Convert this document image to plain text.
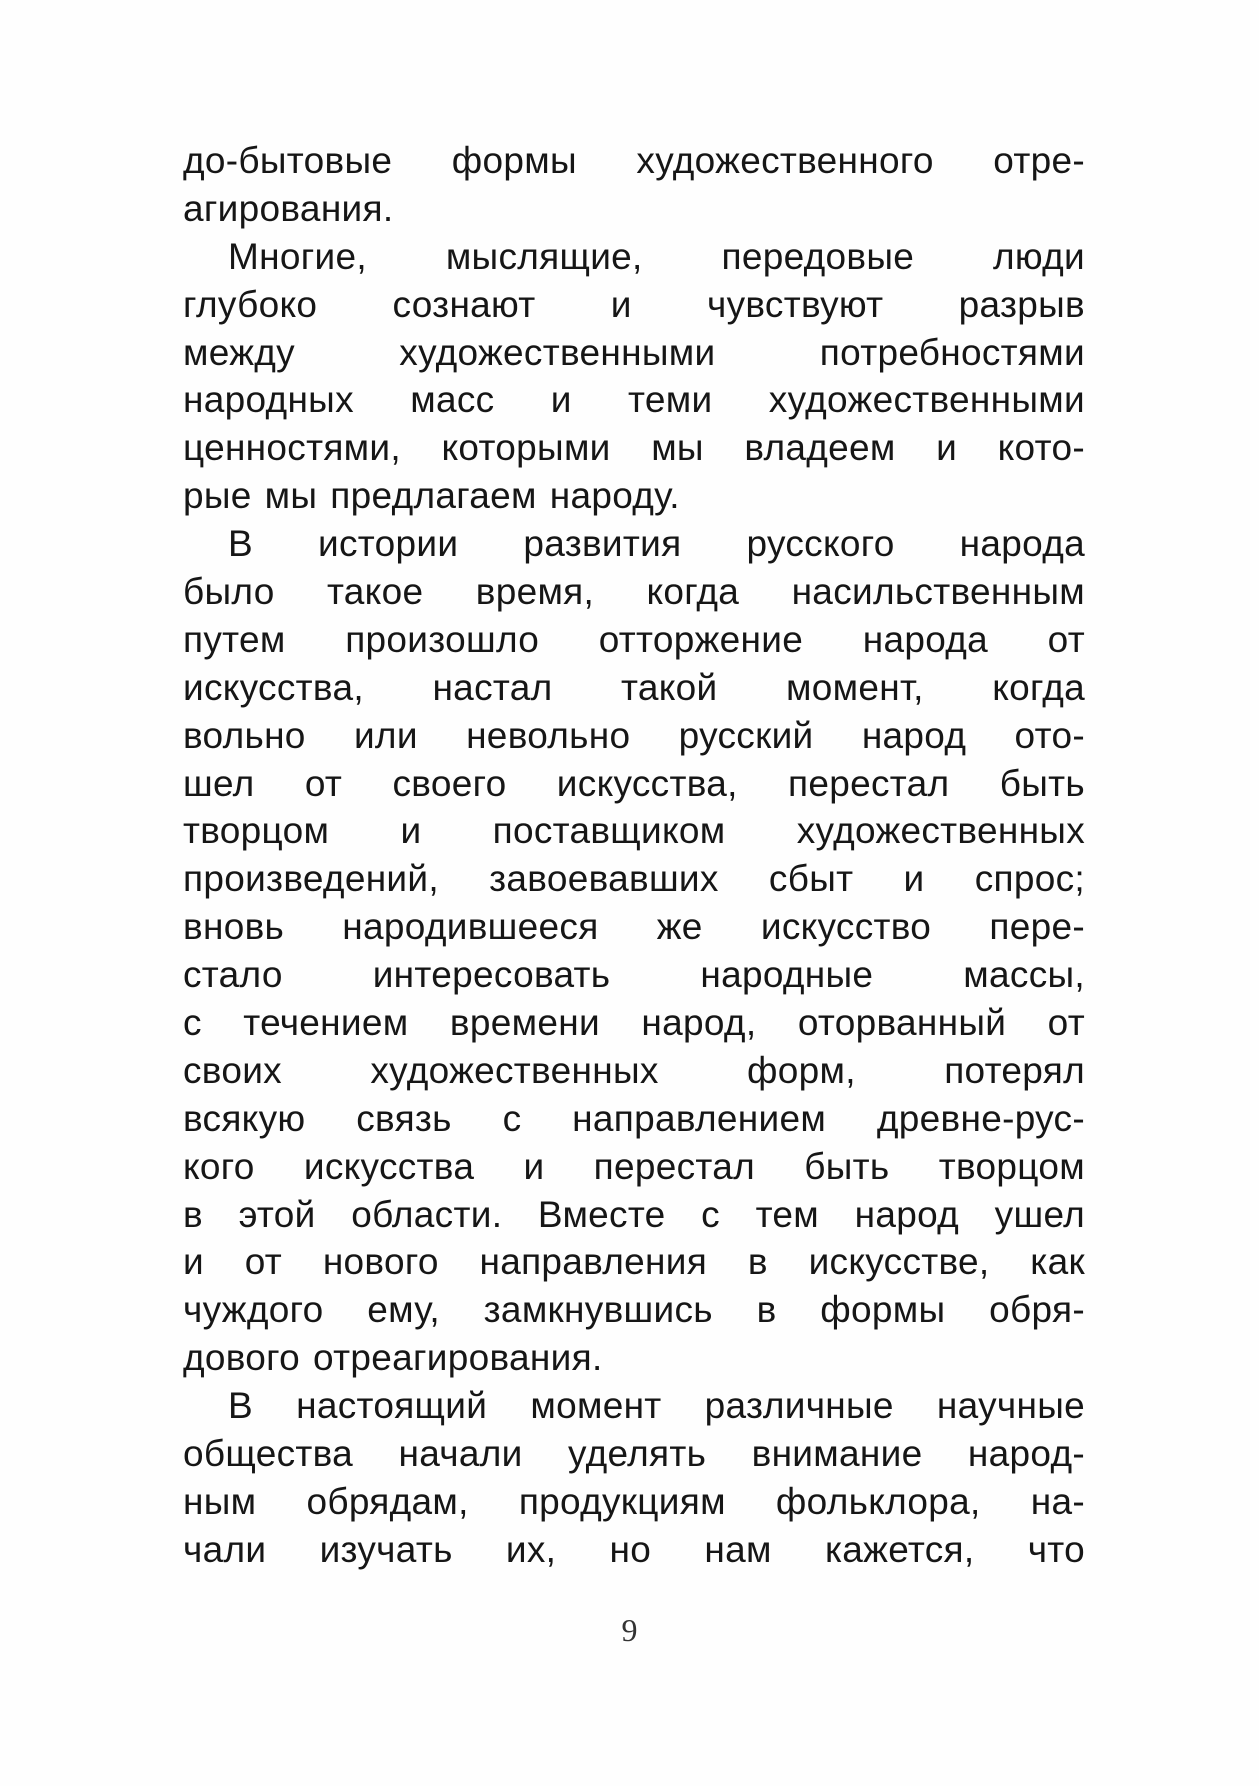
до-бытовые формы художественного отре-
агирования.
Многие, мыслящие, передовые люди
глубоко сознают и чувствуют разрыв
между	художественными	потребностями
народных масс и теми художественными
ценностями, которыми мы владеем и кото-
рые мы предлагаем народу.
В истории развития русского народа
было такое время, когда насильственным
путем произошло отторжение народа от
искусства, настал такой момент, когда
вольно или невольно русский народ ото-
шел от своего искусства, перестал быть
творцом и поставщиком художественных
произведений, завоевавших сбыт и спрос;
вновь народившееся же искусство пере-
стало интересовать народные массы,
с течением времени народ, оторванный от
своих художественных форм, потерял
всякую связь с направлением древне-рус-
кого искусства и перестал быть творцом
в этой области. Вместе с тем народ ушел
и от нового направления в искусстве, как
чуждого ему, замкнувшись в формы обря-
дового отреагирования.
В настоящий момент различные научные
общества начали уделять внимание народ-
ным обрядам, продукциям фольклора, на-
чали изучать их, но нам кажется, что
9
